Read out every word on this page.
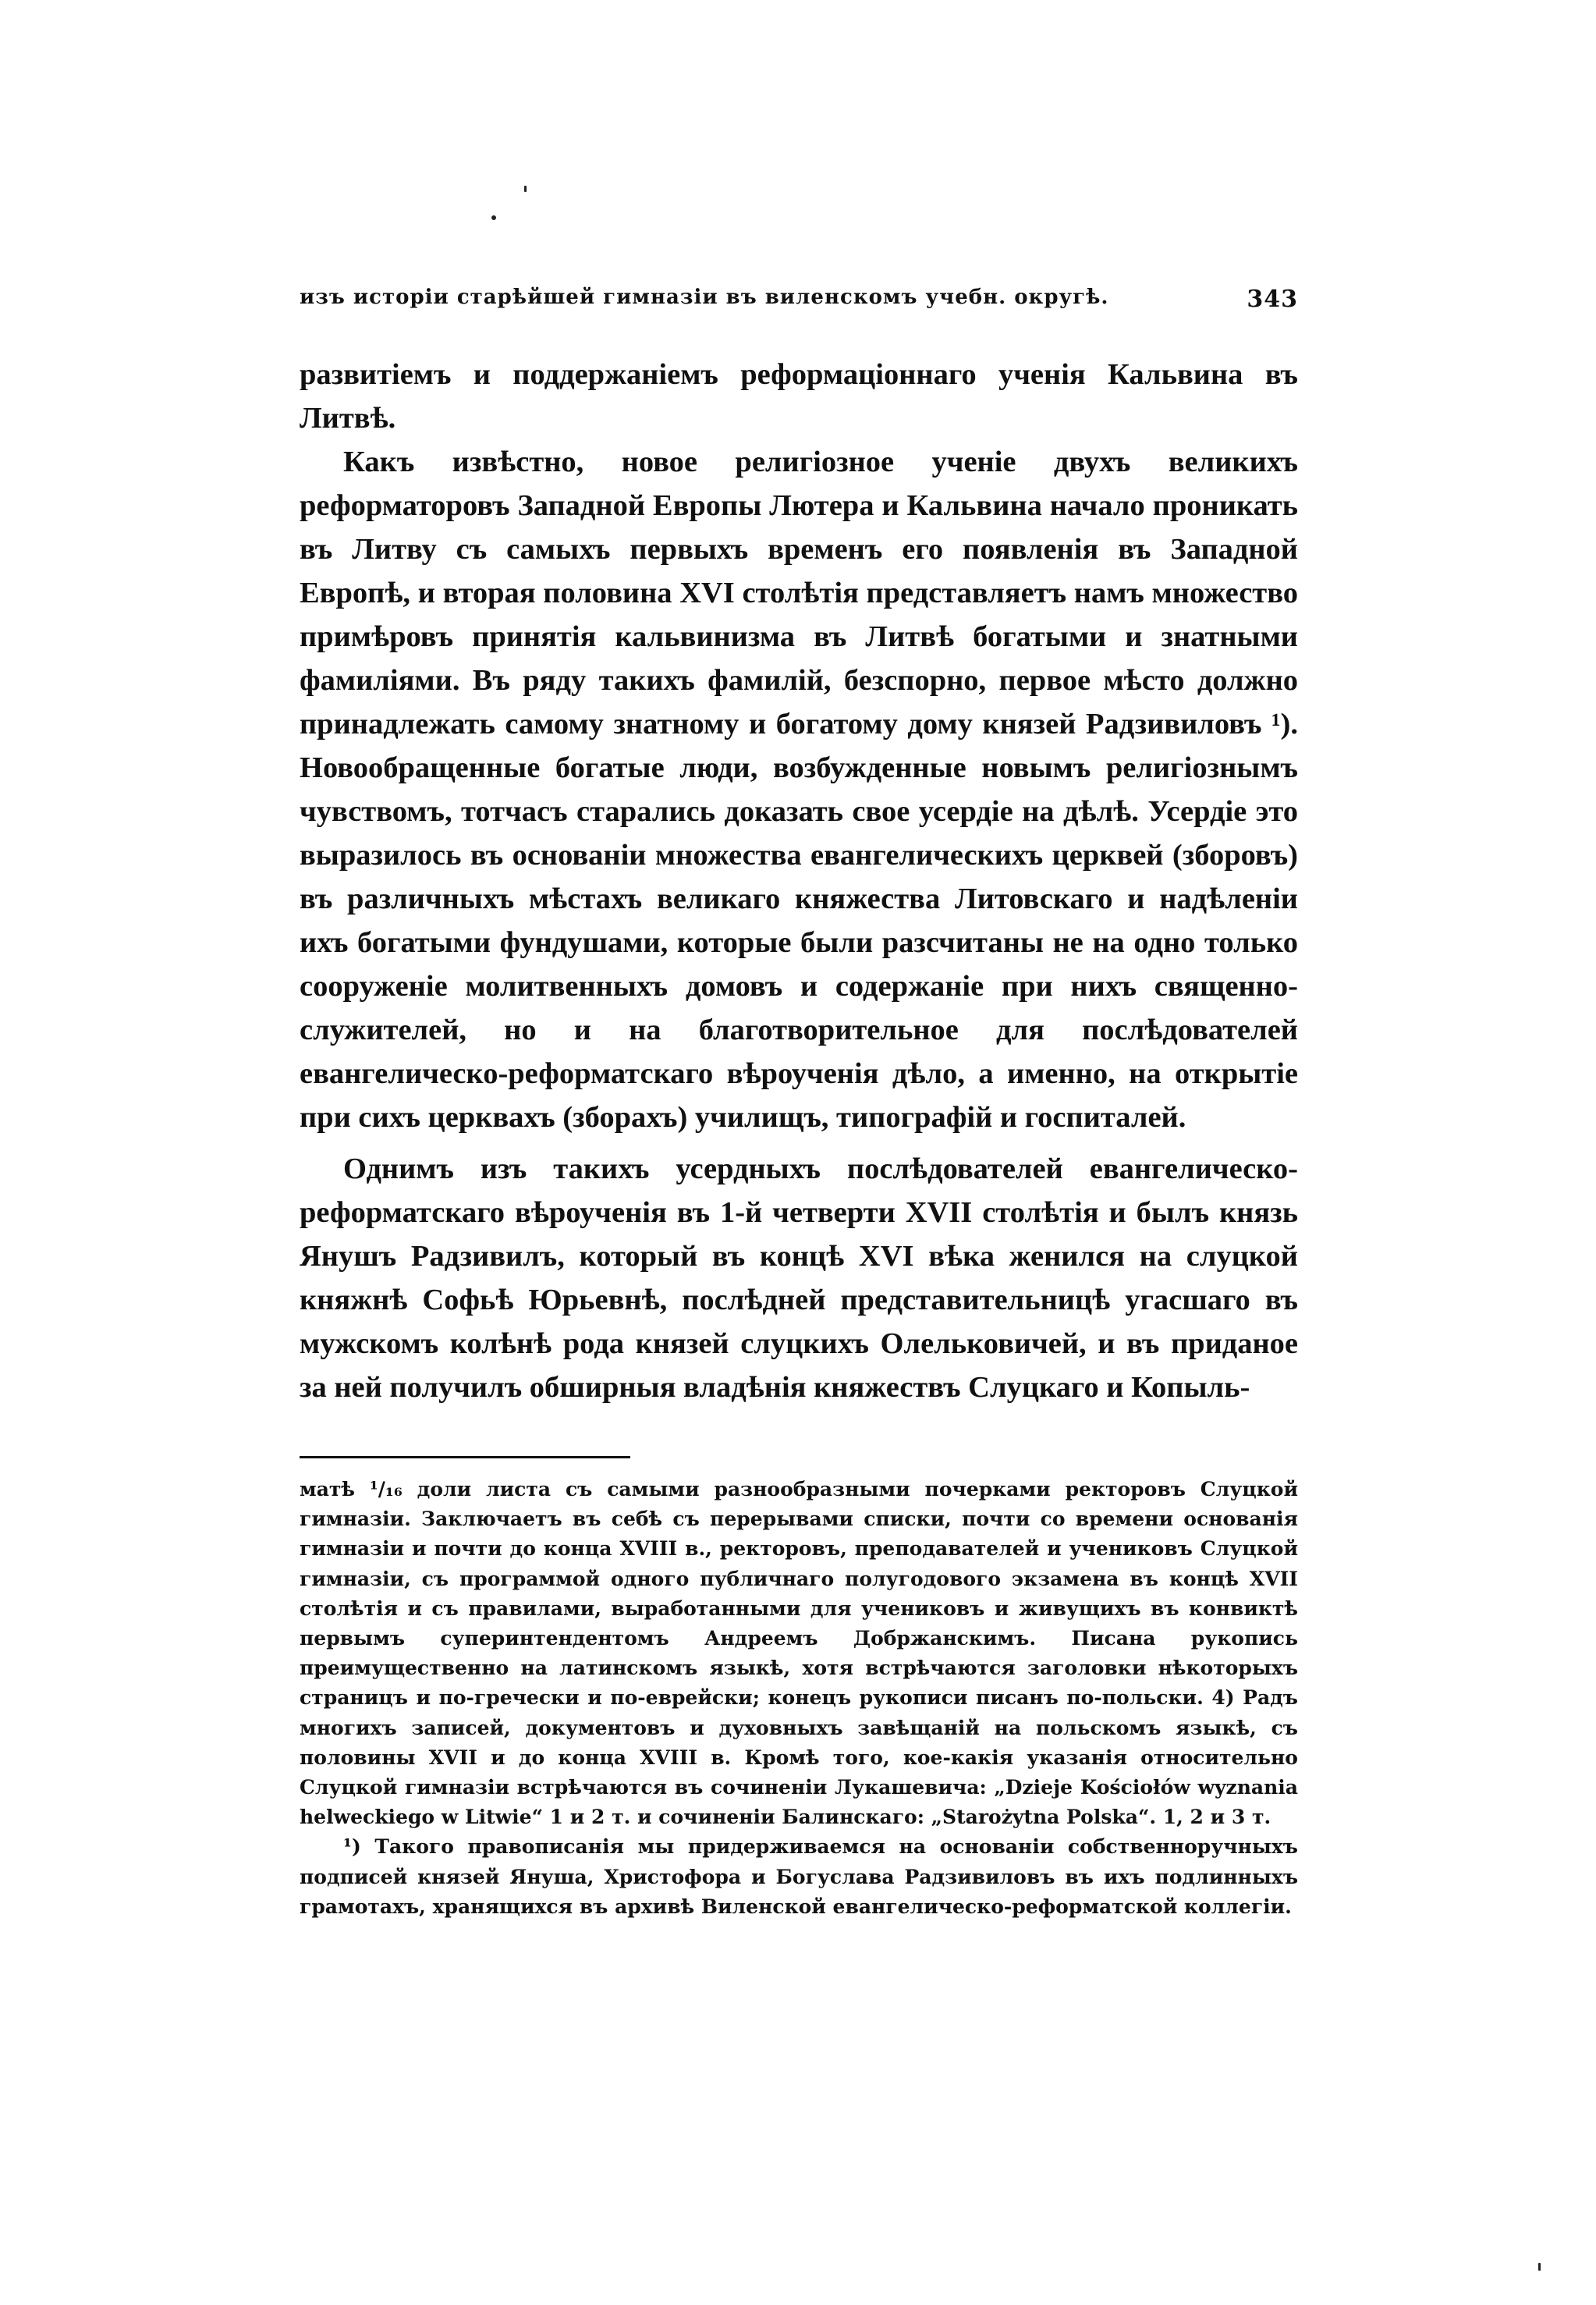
изъ исторіи старѣйшей гимназіи въ виленскомъ учебн. округѣ.	343

развитіемъ и поддержаніемъ реформаціоннаго ученія Кальвина въ Литвѣ.

Какъ извѣстно, новое религіозное ученіе двухъ великихъ реформаторовъ Западной Европы Лютера и Кальвина начало проникать въ Литву съ самыхъ первыхъ временъ его появленія въ Западной Европѣ, и вторая половина XVI столѣтія представляетъ намъ множество примѣровъ принятія кальвинизма въ Литвѣ богатыми и знатными фамиліями. Въ ряду такихъ фамилій, безспорно, первое мѣсто должно принадлежать самому знатному и богатому дому князей Радзивиловъ ¹). Новообращенные богатые люди, возбужденные новымъ религіознымъ чувствомъ, тотчасъ старались доказать свое усердіе на дѣлѣ. Усердіе это выразилось въ основаніи множества евангелическихъ церквей (зборовъ) въ различныхъ мѣстахъ великаго княжества Литовскаго и надѣленіи ихъ богатыми фундушами, которые были разсчитаны не на одно только сооруженіе молитвенныхъ домовъ и содержаніе при нихъ священно-служителей, но и на благотворительное для послѣдователей евангелическо-реформатскаго вѣроученія дѣло, а именно, на открытіе при сихъ церквахъ (зборахъ) училищъ, типографій и госпиталей.

Однимъ изъ такихъ усердныхъ послѣдователей евангелическо-реформатскаго вѣроученія въ 1-й четверти XVII столѣтія и былъ князь Янушъ Радзивилъ, который въ концѣ XVI вѣка женился на слуцкой княжнѣ Софьѣ Юрьевнѣ, послѣдней представительницѣ угасшаго въ мужскомъ колѣнѣ рода князей слуцкихъ Олельковичей, и въ приданое за ней получилъ обширныя владѣнія княжествъ Слуцкаго и Копыль-

матѣ ¹/₁₆ доли листа съ самыми разнообразными почерками ректоровъ Слуцкой гимназіи. Заключаетъ въ себѣ съ перерывами списки, почти со времени основанія гимназіи и почти до конца XVIII в., ректоровъ, преподавателей и учениковъ Слуцкой гимназіи, съ программой одного публичнаго полугодового экзамена въ концѣ XVII столѣтія и съ правилами, выработанными для учениковъ и живущихъ въ конвиктѣ первымъ суперинтендентомъ Андреемъ Добржанскимъ. Писана рукопись преимущественно на латинскомъ языкѣ, хотя встрѣчаются заголовки нѣкоторыхъ страницъ и по-гречески и по-еврейски; конецъ рукописи писанъ по-польски. 4) Радъ многихъ записей, документовъ и духовныхъ завѣщаній на польскомъ языкѣ, съ половины XVII и до конца XVIII в. Кромѣ того, кое-какія указанія относительно Слуцкой гимназіи встрѣчаются въ сочиненіи Лукашевича: „Dzieje Kościołów wyznania helweckiego w Litwie“ 1 и 2 т. и сочиненіи Балинскаго: „Starożytna Polska“. 1, 2 и 3 т.

¹) Такого правописанія мы придерживаемся на основаніи собственноручныхъ подписей князей Януша, Христофора и Богуслава Радзивиловъ въ ихъ подлинныхъ грамотахъ, хранящихся въ архивѣ Виленской евангелическо-реформатской коллегіи.
